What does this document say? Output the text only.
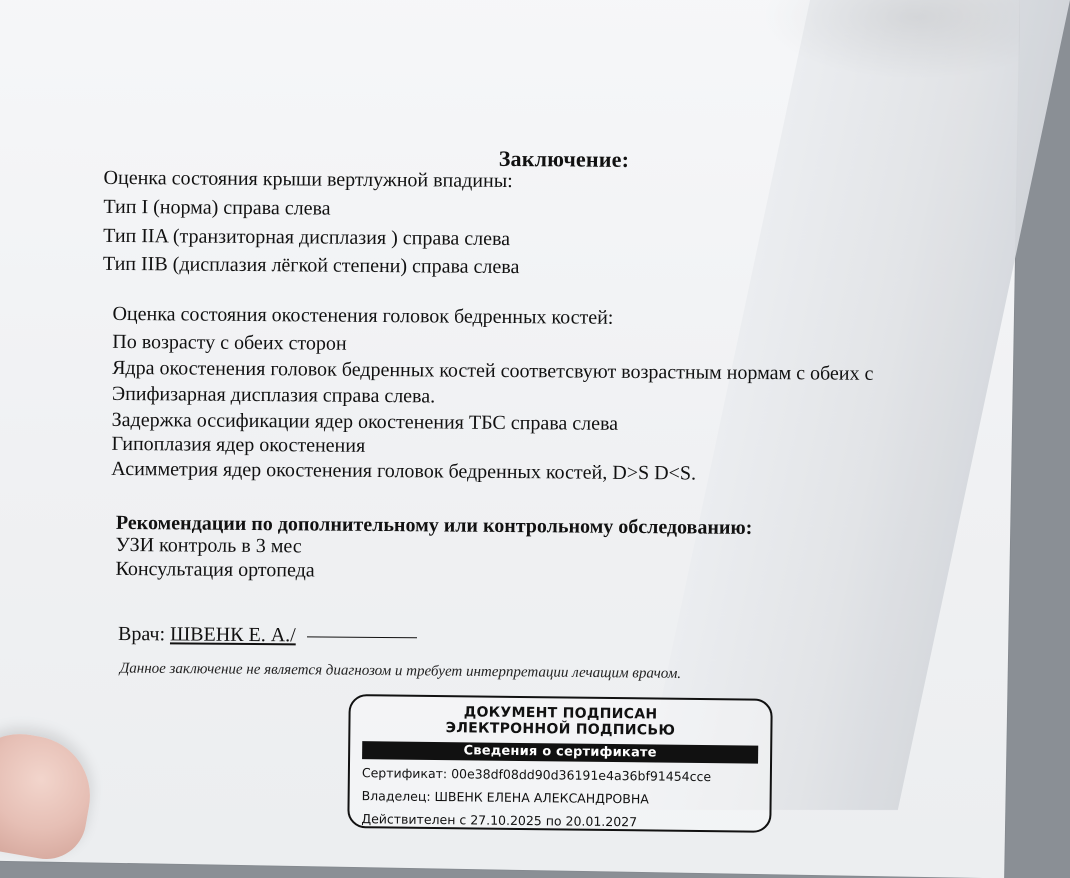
Заключение:
Оценка состояния крыши вертлужной впадины:
Тип I (норма) справа слева
Тип IIA (транзиторная дисплазия ) справа слева
Тип IIB (дисплазия лёгкой степени) справа слева
Оценка состояния окостенения головок бедренных костей:
По возрасту с обеих сторон
Ядра окостенения головок бедренных костей соответсвуют возрастным нормам с обеих с
Эпифизарная дисплазия справа слева.
Задержка оссификации ядер окостенения ТБС справа слева
Гипоплазия ядер окостенения
Асимметрия ядер окостенения головок бедренных костей, D>S D<S.
Рекомендации по дополнительному или контрольному обследованию:
УЗИ контроль в 3 мес
Консультация ортопеда
Врач: ШВЕНК Е. А./
Данное заключение не является диагнозом и требует интерпретации лечащим врачом.
ДОКУМЕНТ ПОДПИСАН
ЭЛЕКТРОННОЙ ПОДПИСЬЮ
Сведения о сертификате
Сертификат: 00e38df08dd90d36191e4a36bf91454cce
Владелец: ШВЕНК ЕЛЕНА АЛЕКСАНДРОВНА
Действителен с 27.10.2025 по 20.01.2027
